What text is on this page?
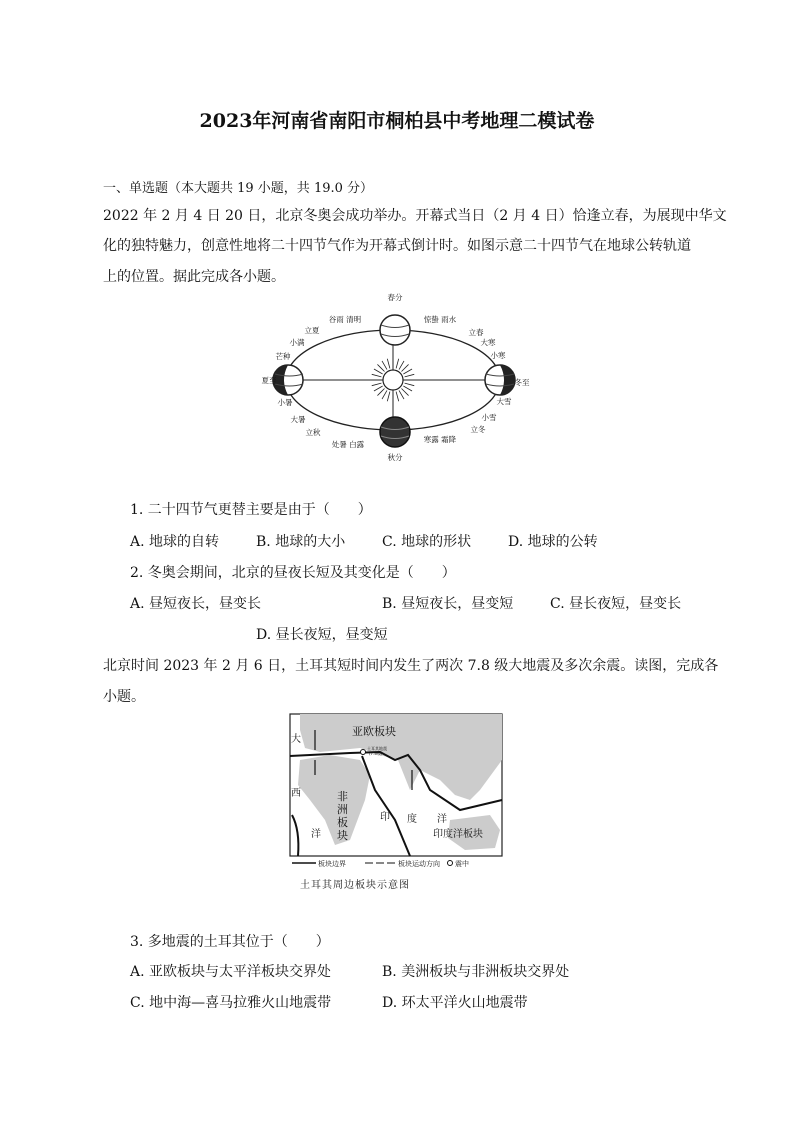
2023年河南省南阳市桐柏县中考地理二模试卷
一、单选题（本大题共 19 小题，共 19.0 分）
2022 年 2 月 4 日 20 日，北京冬奥会成功举办。开幕式当日（2 月 4 日）恰逢立春，为展现中华文
化的独特魅力，创意性地将二十四节气作为开幕式倒计时。如图示意二十四节气在地球公转轨道
上的位置。据此完成各小题。
春分
谷雨 清明	惊蛰 雨水
立夏	立春
小满	大寒
芒种	小寒
夏至	冬至
小暑	大雪
大暑	小雪
立秋	立冬
处暑 白露
寒露 霜降
秋分
1. 二十四节气更替主要是由于（　　）
A. 地球的自转	B. 地球的大小	C. 地球的形状	D. 地球的公转
2. 冬奥会期间，北京的昼夜长短及其变化是（　　）
A. 昼短夜长，昼变长	B. 昼短夜长，昼变短	C. 昼长夜短，昼变长
D. 昼长夜短，昼变短
北京时间 2023 年 2 月 6 日，土耳其短时间内发生了两次 7.8 级大地震及多次余震。读图，完成各
小题。
亚欧板块
大
土耳其地震
(7.8级)
西	非
洲
板
块
印 度 洋
洋	印度洋板块
板块边界	板块运动方向 震中
土耳其周边板块示意图
3. 多地震的土耳其位于（　　）
A. 亚欧板块与太平洋板块交界处	B. 美洲板块与非洲板块交界处
C. 地中海—喜马拉雅火山地震带	D. 环太平洋火山地震带
